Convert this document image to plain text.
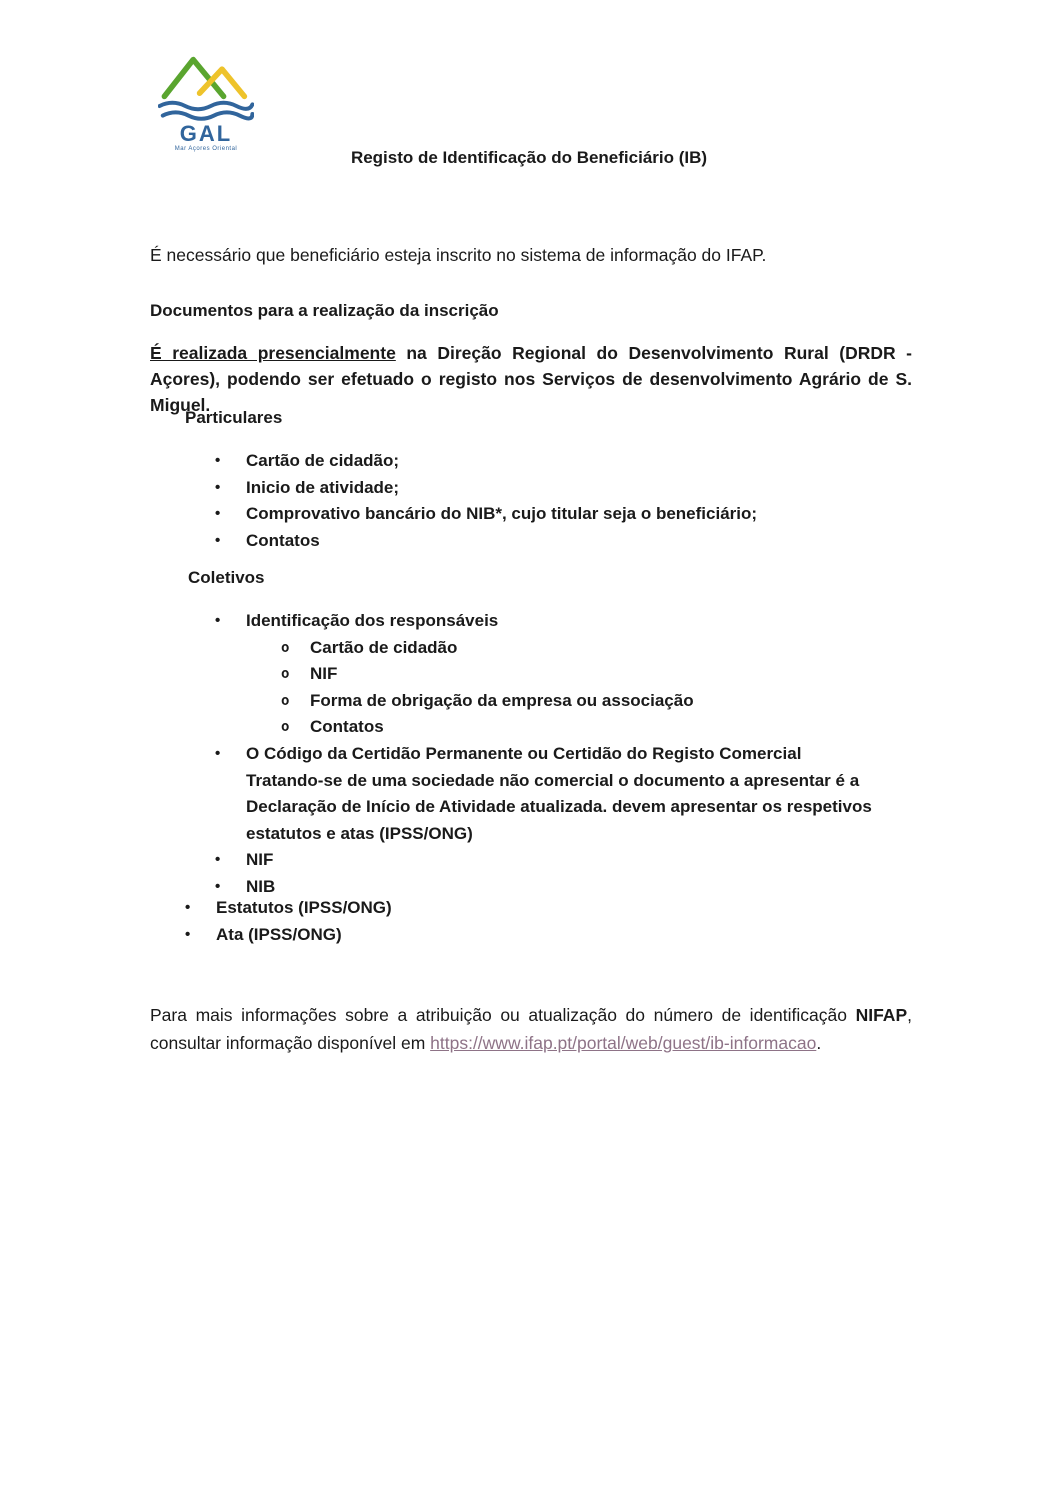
GAL
Mar Açores Oriental	Registo de Identificação do Beneficiário (IB)

É necessário que beneficiário esteja inscrito no sistema de informação do IFAP.

Documentos para a realização da inscrição

É realizada presencialmente na Direção Regional do Desenvolvimento Rural (DRDR - Açores), podendo ser efetuado o registo nos Serviços de desenvolvimento Agrário de S. Miguel.

Particulares
•	Cartão de cidadão;
•	Inicio de atividade;
•	Comprovativo bancário do NIB*, cujo titular seja o beneficiário;
•	Contatos
Coletivos
•	Identificação dos responsáveis
o	Cartão de cidadão
o	NIF
o	Forma de obrigação da empresa ou associação
o	Contatos
•	O Código da Certidão Permanente ou Certidão do Registo Comercial
Tratando-se de uma sociedade não comercial o documento a apresentar é a
Declaração de Início de Atividade atualizada. devem apresentar os respetivos
estatutos e atas (IPSS/ONG)
•	NIF
•	NIB
•	Estatutos (IPSS/ONG)
•	Ata (IPSS/ONG)

Para mais informações sobre a atribuição ou atualização do número de identificação NIFAP, consultar informação disponível em https://www.ifap.pt/portal/web/guest/ib-informacao.
